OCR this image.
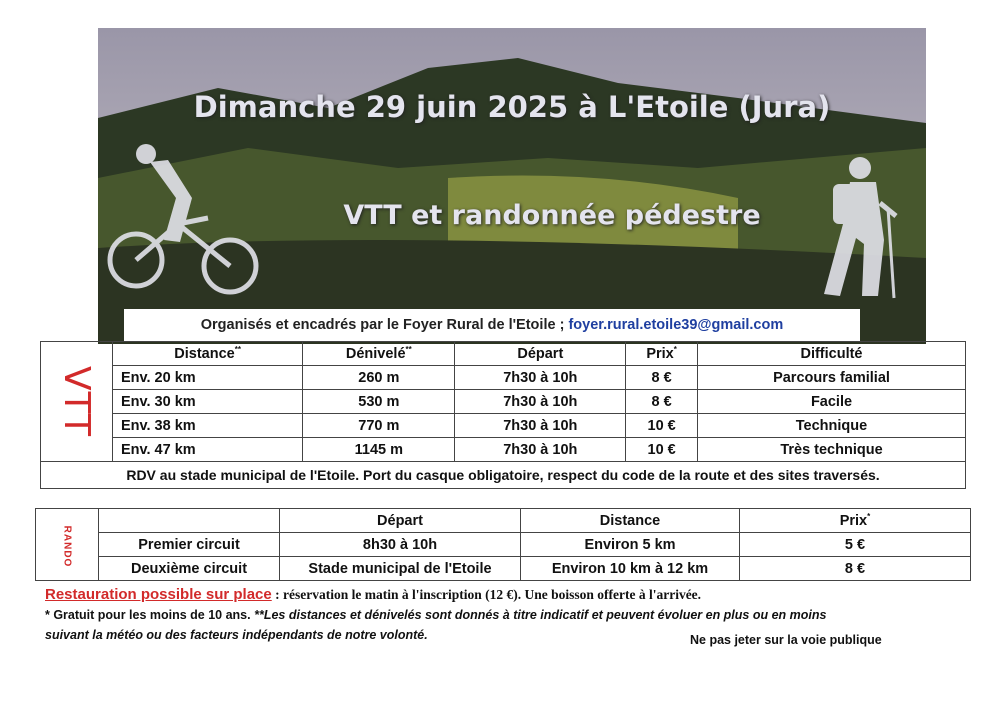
Dimanche 29 juin 2025 à L'Etoile (Jura)
VTT et randonnée pédestre
Organisés et encadrés par le Foyer Rural de l'Etoile ; foyer.rural.etoile39@gmail.com
VTT	Distance**	Dénivelé**	Départ	Prix*	Difficulté
	Env. 20 km	260 m	7h30 à 10h	8 €	Parcours familial
	Env. 30 km	530 m	7h30 à 10h	8 €	Facile
	Env. 38 km	770 m	7h30 à 10h	10 €	Technique
	Env. 47 km	1145 m	7h30 à 10h	10 €	Très technique
RDV au stade municipal de l'Etoile. Port du casque obligatoire, respect du code de la route et des sites traversés.					
RANDO		Départ	Distance	Prix*
	Premier circuit	8h30 à 10h	Environ 5 km	5 €
	Deuxième circuit	Stade municipal de l'Etoile	Environ 10 km à 12 km	8 €
Restauration possible sur place : réservation le matin à l'inscription (12 €). Une boisson offerte à l'arrivée.
* Gratuit pour les moins de 10 ans. **Les distances et dénivelés sont donnés à titre indicatif et peuvent évoluer en plus ou en moins
suivant la météo ou des facteurs indépendants de notre volonté.	Ne pas jeter sur la voie publique
